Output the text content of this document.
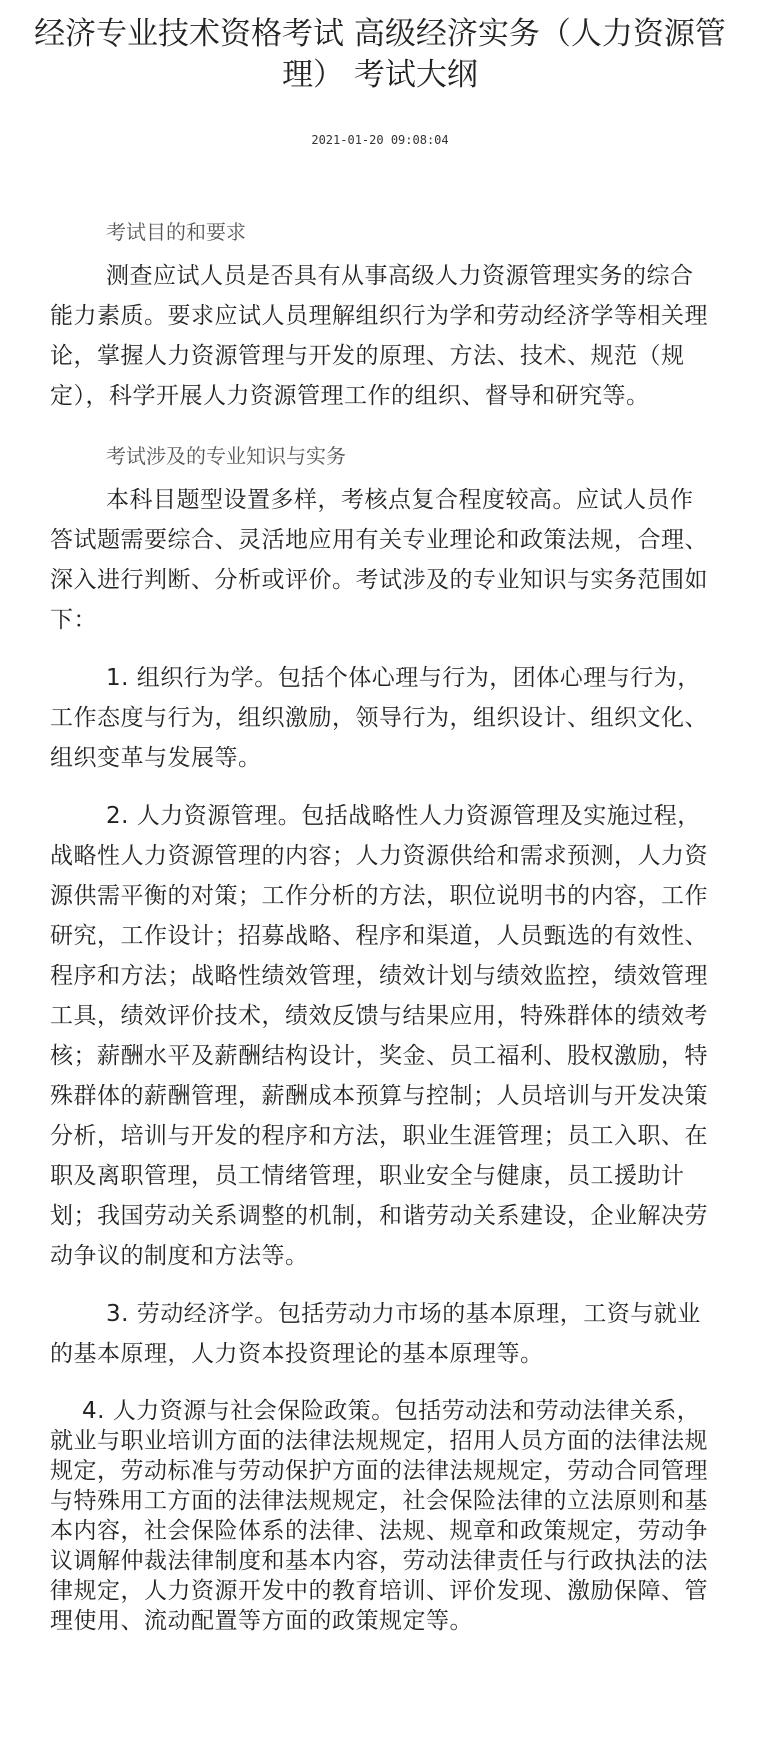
经济专业技术资格考试 高级经济实务（人力资源管理） 考试大纲
2021-01-20 09:08:04

考试目的和要求

测查应试人员是否具有从事高级人力资源管理实务的综合能力素质。要求应试人员理解组织行为学和劳动经济学等相关理论，掌握人力资源管理与开发的原理、方法、技术、规范（规定），科学开展人力资源管理工作的组织、督导和研究等。

考试涉及的专业知识与实务

本科目题型设置多样，考核点复合程度较高。应试人员作答试题需要综合、灵活地应用有关专业理论和政策法规，合理、深入进行判断、分析或评价。考试涉及的专业知识与实务范围如下：

1. 组织行为学。包括个体心理与行为，团体心理与行为，工作态度与行为，组织激励，领导行为，组织设计、组织文化、组织变革与发展等。

2. 人力资源管理。包括战略性人力资源管理及实施过程，战略性人力资源管理的内容；人力资源供给和需求预测，人力资源供需平衡的对策；工作分析的方法，职位说明书的内容，工作研究，工作设计；招募战略、程序和渠道，人员甄选的有效性、程序和方法；战略性绩效管理，绩效计划与绩效监控，绩效管理工具，绩效评价技术，绩效反馈与结果应用，特殊群体的绩效考核；薪酬水平及薪酬结构设计，奖金、员工福利、股权激励，特殊群体的薪酬管理，薪酬成本预算与控制；人员培训与开发决策分析，培训与开发的程序和方法，职业生涯管理；员工入职、在职及离职管理，员工情绪管理，职业安全与健康，员工援助计划；我国劳动关系调整的机制，和谐劳动关系建设，企业解决劳动争议的制度和方法等。

3. 劳动经济学。包括劳动力市场的基本原理，工资与就业的基本原理，人力资本投资理论的基本原理等。

4. 人力资源与社会保险政策。包括劳动法和劳动法律关系，就业与职业培训方面的法律法规规定，招用人员方面的法律法规规定，劳动标准与劳动保护方面的法律法规规定，劳动合同管理与特殊用工方面的法律法规规定，社会保险法律的立法原则和基本内容，社会保险体系的法律、法规、规章和政策规定，劳动争议调解仲裁法律制度和基本内容，劳动法律责任与行政执法的法律规定，人力资源开发中的教育培训、评价发现、激励保障、管理使用、流动配置等方面的政策规定等。
